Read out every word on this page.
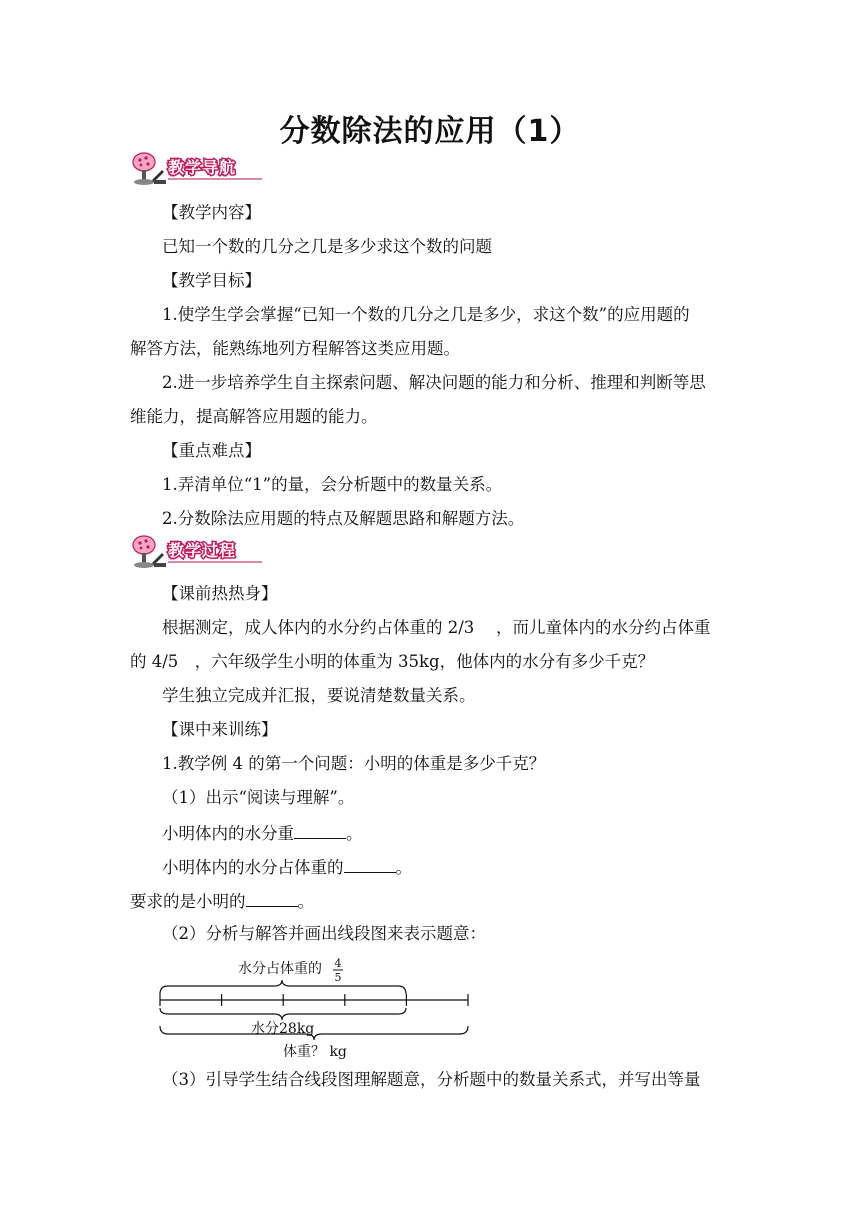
分数除法的应用（1）
教学导航
【教学内容】
已知一个数的几分之几是多少求这个数的问题
【教学目标】
1.使学生学会掌握“已知一个数的几分之几是多少，求这个数”的应用题的
解答方法，能熟练地列方程解答这类应用题。
2.进一步培养学生自主探索问题、解决问题的能力和分析、推理和判断等思
维能力，提高解答应用题的能力。
【重点难点】
1.弄清单位“1”的量，会分析题中的数量关系。
2.分数除法应用题的特点及解题思路和解题方法。
教学过程
【课前热热身】
根据测定，成人体内的水分约占体重的 2/3　 ，而儿童体内的水分约占体重
的 4/5　，六年级学生小明的体重为 35kg，他体内的水分有多少千克？
学生独立完成并汇报，要说清楚数量关系。
【课中来训练】
1.教学例 4 的第一个问题：小明的体重是多少千克？
（1）出示“阅读与理解”。
小明体内的水分重	。
小明体内的水分占体重的	。
要求的是小明的	。
（2）分析与解答并画出线段图来表示题意：
水分占体重的 4
5
水分28kg
体重？ kg
（3）引导学生结合线段图理解题意，分析题中的数量关系式，并写出等量
